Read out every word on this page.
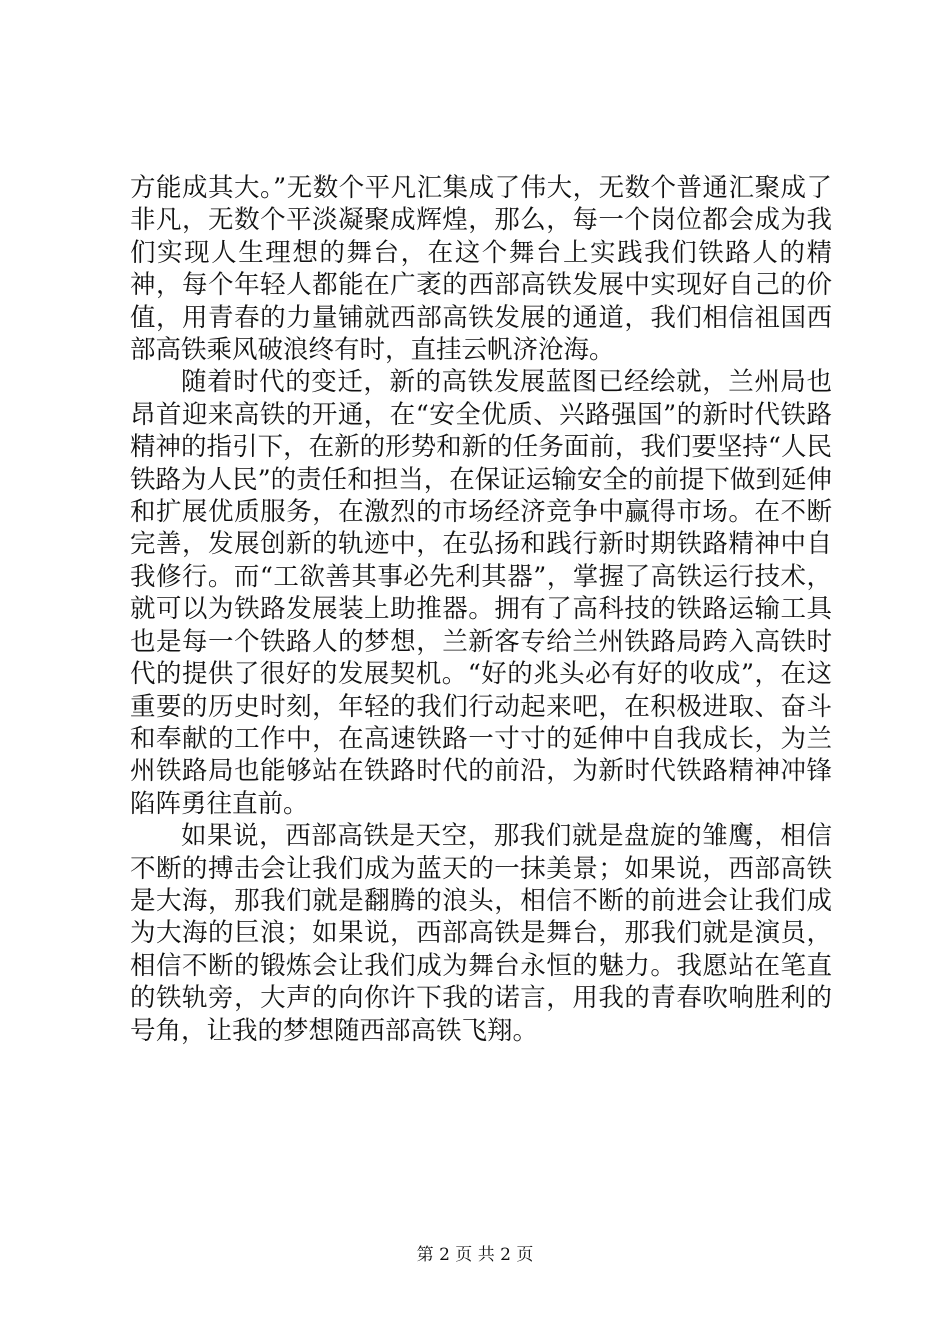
方能成其大。”无数个平凡汇集成了伟大，无数个普通汇聚成了非凡，无数个平淡凝聚成辉煌，那么，每一个岗位都会成为我们实现人生理想的舞台，在这个舞台上实践我们铁路人的精神，每个年轻人都能在广袤的西部高铁发展中实现好自己的价值，用青春的力量铺就西部高铁发展的通道，我们相信祖国西部高铁乘风破浪终有时，直挂云帆济沧海。

随着时代的变迁，新的高铁发展蓝图已经绘就，兰州局也昂首迎来高铁的开通，在“安全优质、兴路强国”的新时代铁路精神的指引下，在新的形势和新的任务面前，我们要坚持“人民铁路为人民”的责任和担当，在保证运输安全的前提下做到延伸和扩展优质服务，在激烈的市场经济竞争中赢得市场。在不断完善，发展创新的轨迹中，在弘扬和践行新时期铁路精神中自我修行。而“工欲善其事必先利其器”，掌握了高铁运行技术，就可以为铁路发展装上助推器。拥有了高科技的铁路运输工具也是每一个铁路人的梦想，兰新客专给兰州铁路局跨入高铁时代的提供了很好的发展契机。“好的兆头必有好的收成”，在这重要的历史时刻，年轻的我们行动起来吧，在积极进取、奋斗和奉献的工作中，在高速铁路一寸寸的延伸中自我成长，为兰州铁路局也能够站在铁路时代的前沿，为新时代铁路精神冲锋陷阵勇往直前。

如果说，西部高铁是天空，那我们就是盘旋的雏鹰，相信不断的搏击会让我们成为蓝天的一抹美景；如果说，西部高铁是大海，那我们就是翻腾的浪头，相信不断的前进会让我们成为大海的巨浪；如果说，西部高铁是舞台，那我们就是演员，相信不断的锻炼会让我们成为舞台永恒的魅力。我愿站在笔直的铁轨旁，大声的向你许下我的诺言，用我的青春吹响胜利的号角，让我的梦想随西部高铁飞翔。

第 2 页 共 2 页
